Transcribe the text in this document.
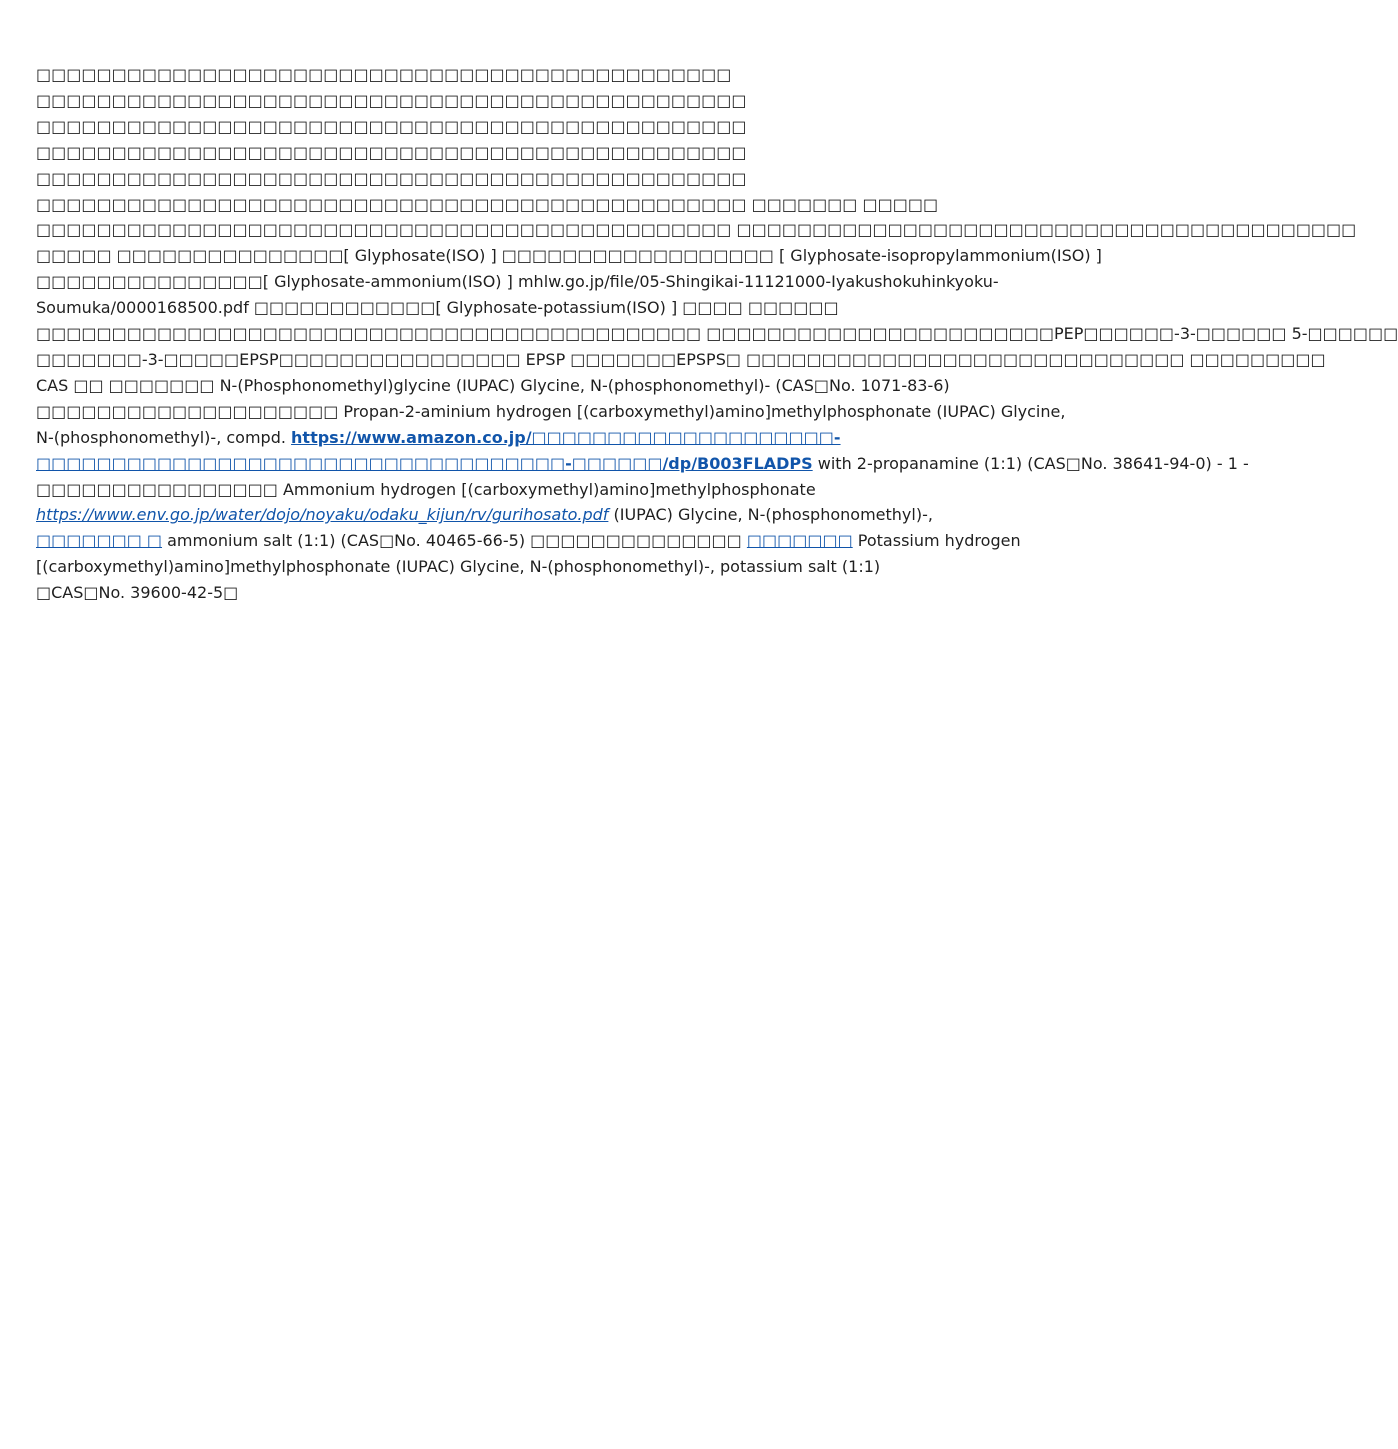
□□□□□□□□□□□□□□□□□□□□□□□□□□□□□□□□□□□□□□□□□□□□□□
□□□□□□□□□□□□□□□□□□□□□□□□□□□□□□□□□□□□□□□□□□□□□□□
□□□□□□□□□□□□□□□□□□□□□□□□□□□□□□□□□□□□□□□□□□□□□□□
□□□□□□□□□□□□□□□□□□□□□□□□□□□□□□□□□□□□□□□□□□□□□□□
□□□□□□□□□□□□□□□□□□□□□□□□□□□□□□□□□□□□□□□□□□□□□□□
□□□□□□□□□□□□□□□□□□□□□□□□□□□□□□□□□□□□□□□□□□□□□□□ □□□□□□□ □□□□□
□□□□□□□□□□□□□□□□□□□□□□□□□□□□□□□□□□□□□□□□□□□□□□ □□□□□□□□□□□□□□□□□□□□□□□□□□□□□□□□□□□□□□□□□
□□□□□ □□□□□□□□□□□□□□□[ Glyphosate(ISO) ] □□□□□□□□□□□□□□□□□□ [ Glyphosate-isopropylammonium(ISO) ]
□□□□□□□□□□□□□□□[ Glyphosate-ammonium(ISO) ] mhlw.go.jp/file/05-Shingikai-11121000-Iyakushokuhinkyoku-
Soumuka/0000168500.pdf □□□□□□□□□□□□[ Glyphosate-potassium(ISO) ] □□□□ □□□□□□
□□□□□□□□□□□□□□□□□□□□□□□□□□□□□□□□□□□□□□□□□□□□ □□□□□□□□□□□□□□□□□□□□□□□PEP□□□□□□-3-□□□□□□ 5-□□□□□□
□□□□□□□-3-□□□□□EPSP□□□□□□□□□□□□□□□□ EPSP □□□□□□□EPSPS□ □□□□□□□□□□□□□□□□□□□□□□□□□□□□□ □□□□□□□□□
CAS □□ □□□□□□□ N-(Phosphonomethyl)glycine (IUPAC) Glycine, N-(phosphonomethyl)- (CAS□No. 1071-83-6)
□□□□□□□□□□□□□□□□□□□□ Propan-2-aminium hydrogen [(carboxymethyl)amino]methylphosphonate (IUPAC) Glycine,
N-(phosphonomethyl)-, compd. https://www.amazon.co.jp/□□□□□□□□□□□□□□□□□□□□-
□□□□□□□□□□□□□□□□□□□□□□□□□□□□□□□□□□□-□□□□□□/dp/B003FLADPS with 2-propanamine (1:1) (CAS□No. 38641-94-0) - 1 -
□□□□□□□□□□□□□□□□ Ammonium hydrogen [(carboxymethyl)amino]methylphosphonate
https://www.env.go.jp/water/dojo/noyaku/odaku_kijun/rv/gurihosato.pdf (IUPAC) Glycine, N-(phosphonomethyl)-,
□□□□□□□ □ ammonium salt (1:1) (CAS□No. 40465-66-5) □□□□□□□□□□□□□□ □□□□□□□ Potassium hydrogen
[(carboxymethyl)amino]methylphosphonate (IUPAC) Glycine, N-(phosphonomethyl)-, potassium salt (1:1)
□CAS□No. 39600-42-5□
